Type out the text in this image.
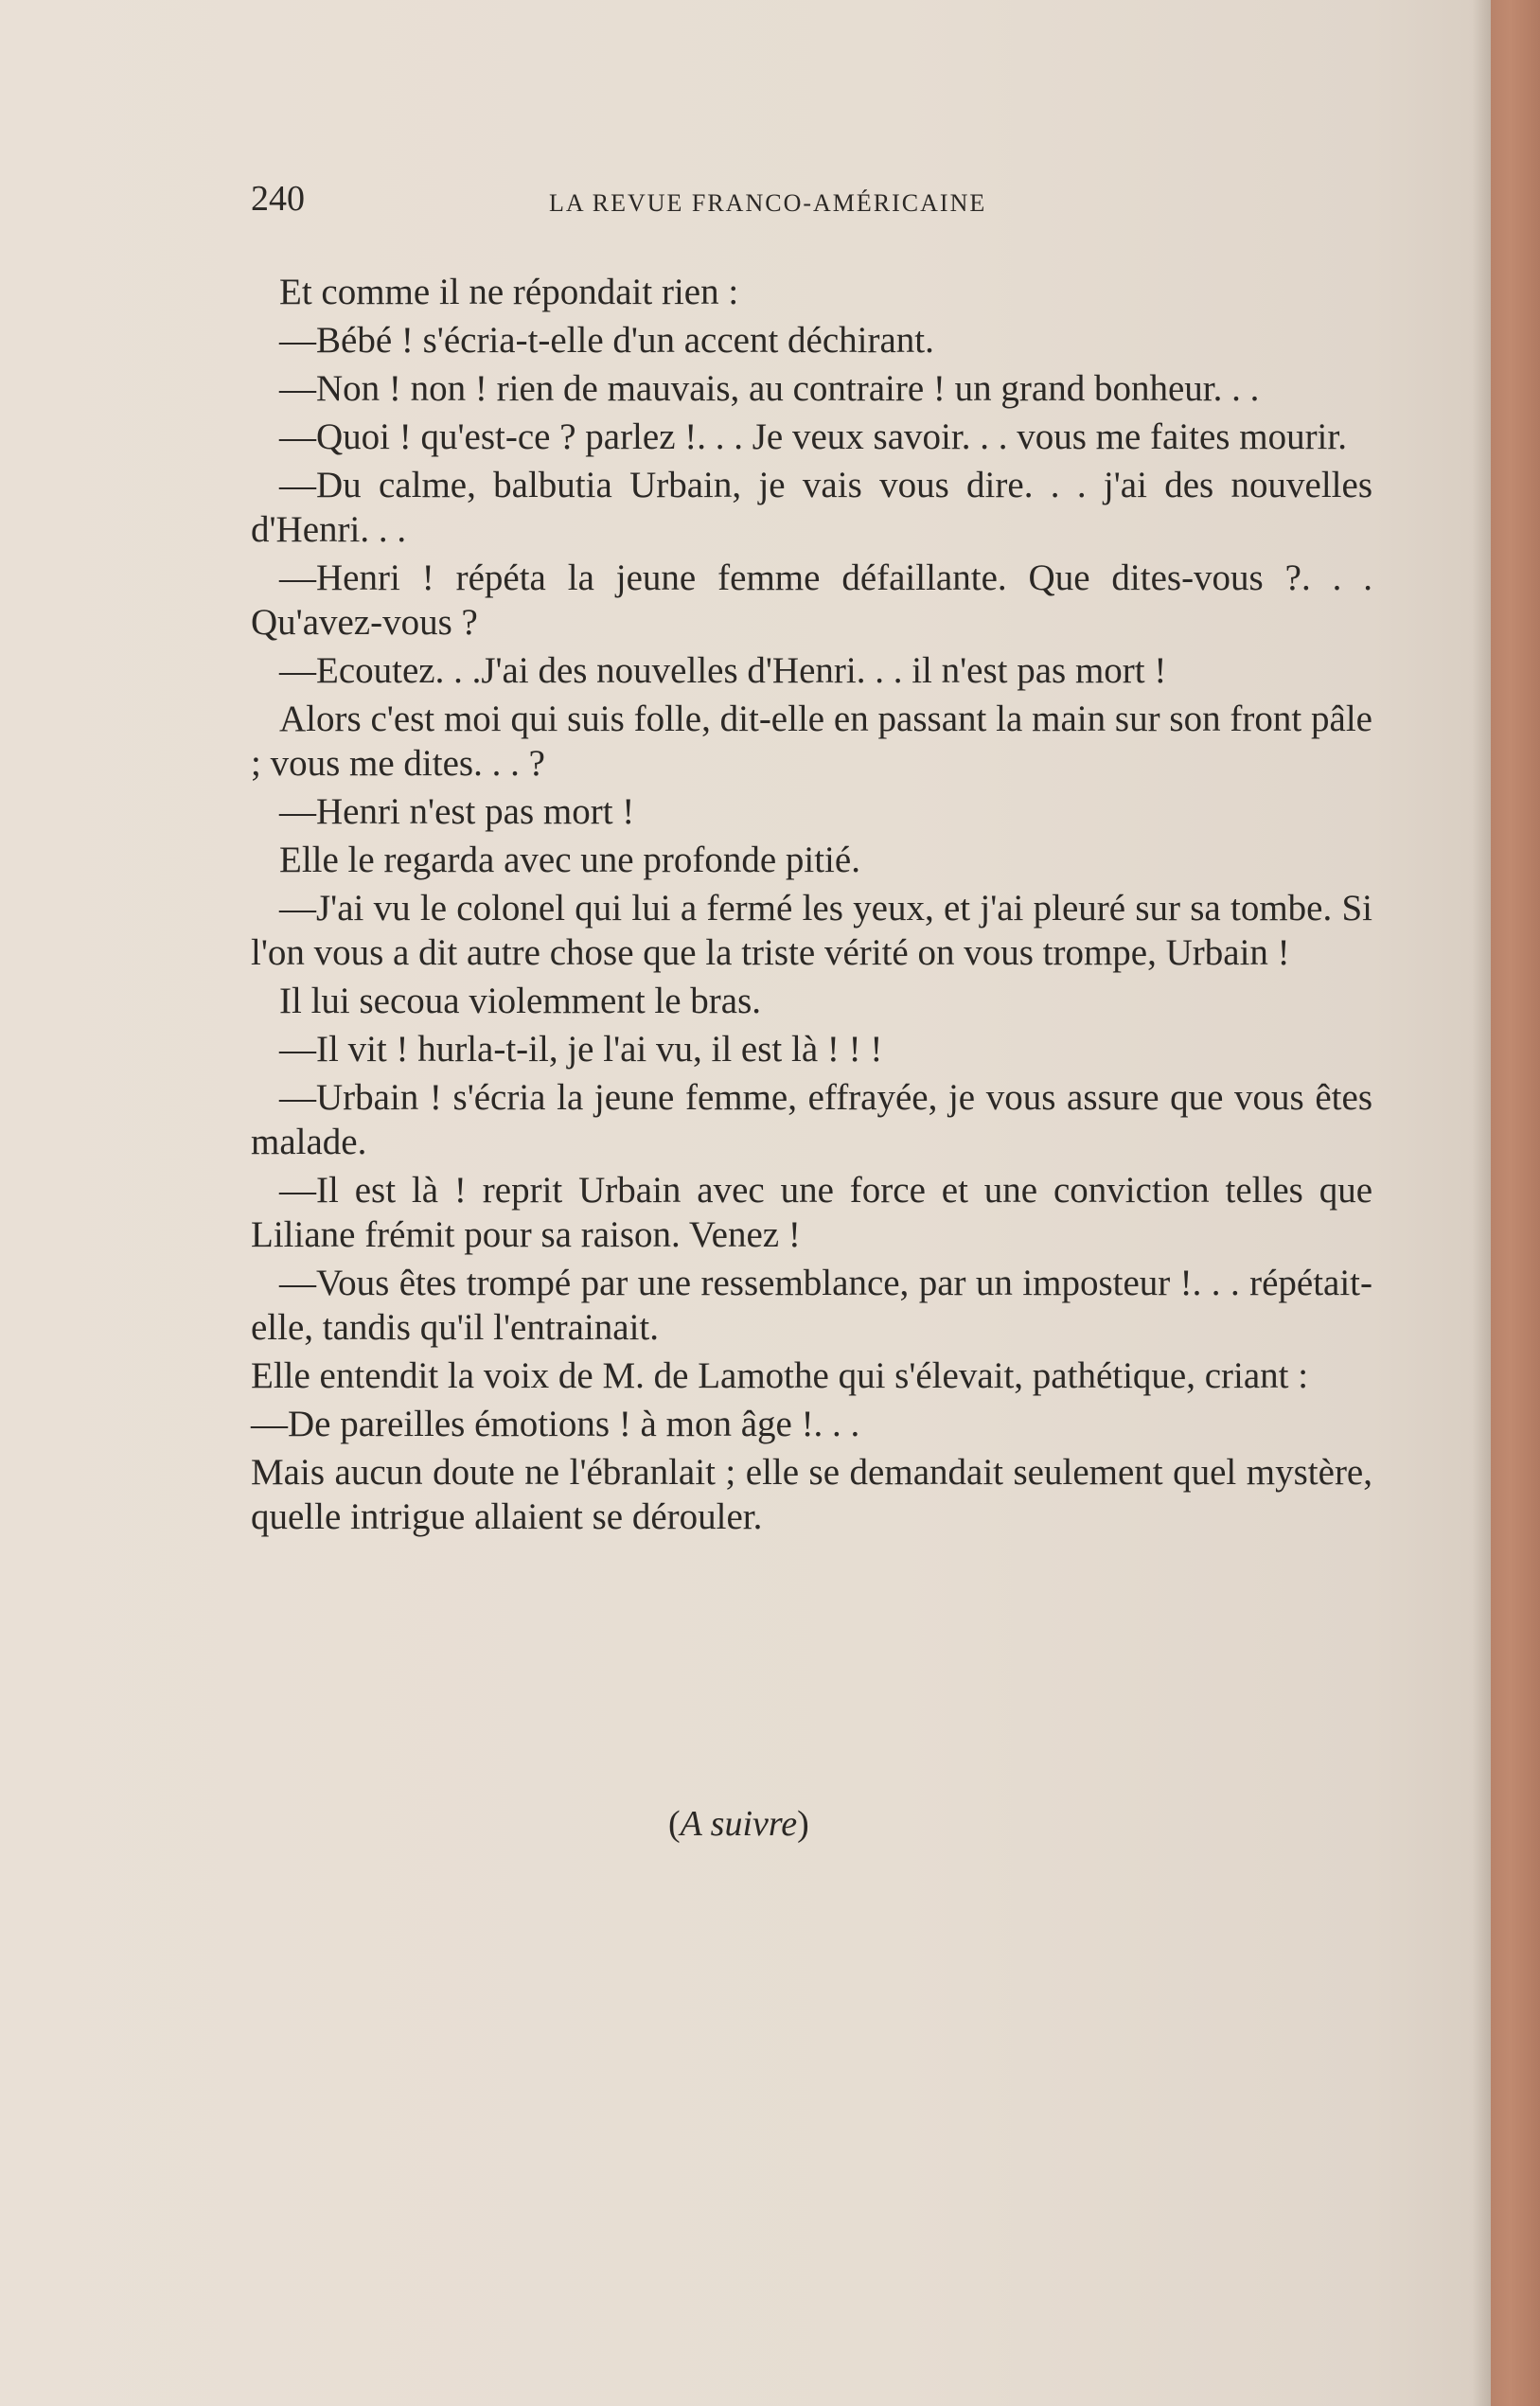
240	LA REVUE FRANCO-AMÉRICAINE

Et comme il ne répondait rien :

—Bébé ! s'écria-t-elle d'un accent déchirant.

—Non ! non ! rien de mauvais, au contraire ! un grand bonheur. . .

—Quoi ! qu'est-ce ? parlez !. . . Je veux savoir. . . vous me faites mourir.

—Du calme, balbutia Urbain, je vais vous dire. . . j'ai des nouvelles d'Henri. . .

—Henri ! répéta la jeune femme défaillante. Que dites-vous ?. . . Qu'avez-vous ?

—Ecoutez. . .J'ai des nouvelles d'Henri. . . il n'est pas mort !

Alors c'est moi qui suis folle, dit-elle en passant la main sur son front pâle ; vous me dites. . . ?

—Henri n'est pas mort !

Elle le regarda avec une profonde pitié.

—J'ai vu le colonel qui lui a fermé les yeux, et j'ai pleuré sur sa tombe. Si l'on vous a dit autre chose que la triste vérité on vous trompe, Urbain !

Il lui secoua violemment le bras.

—Il vit ! hurla-t-il, je l'ai vu, il est là ! ! !

—Urbain ! s'écria la jeune femme, effrayée, je vous assure que vous êtes malade.

—Il est là ! reprit Urbain avec une force et une conviction telles que Liliane frémit pour sa raison. Venez !

—Vous êtes trompé par une ressemblance, par un imposteur !. . . répétait-elle, tandis qu'il l'entrainait.

Elle entendit la voix de M. de Lamothe qui s'élevait, pathétique, criant :

—De pareilles émotions ! à mon âge !. . .

Mais aucun doute ne l'ébranlait ; elle se demandait seulement quel mystère, quelle intrigue allaient se dérouler.

(A suivre)
